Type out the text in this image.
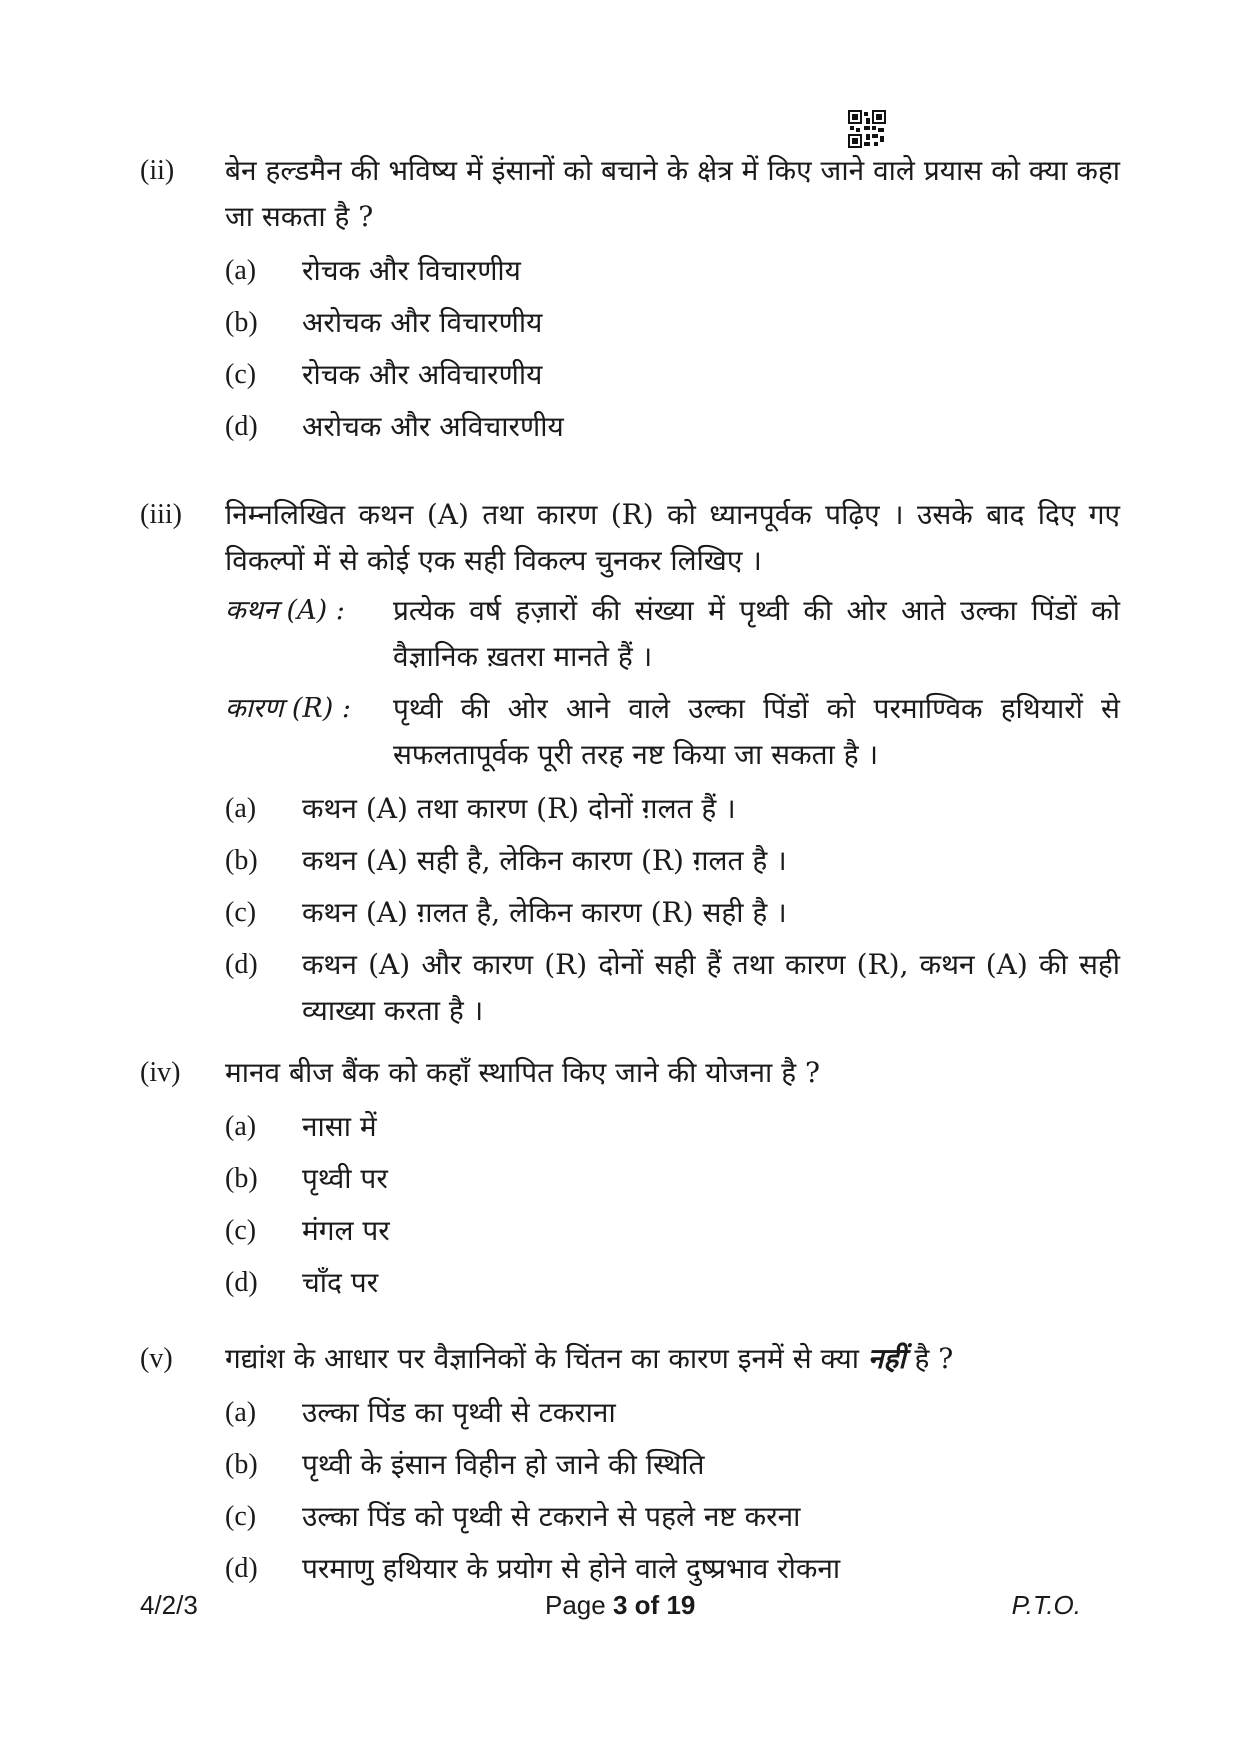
(ii) बेन हल्डमैन की भविष्य में इंसानों को बचाने के क्षेत्र में किए जाने वाले प्रयास को क्या कहा जा सकता है ?
(a) रोचक और विचारणीय
(b) अरोचक और विचारणीय
(c) रोचक और अविचारणीय
(d) अरोचक और अविचारणीय
(iii) निम्नलिखित कथन (A) तथा कारण (R) को ध्यानपूर्वक पढ़िए । उसके बाद दिए गए विकल्पों में से कोई एक सही विकल्प चुनकर लिखिए ।
कथन (A) : प्रत्येक वर्ष हज़ारों की संख्या में पृथ्वी की ओर आते उल्का पिंडों को वैज्ञानिक ख़तरा मानते हैं ।
कारण (R) : पृथ्वी की ओर आने वाले उल्का पिंडों को परमाण्विक हथियारों से सफलतापूर्वक पूरी तरह नष्ट किया जा सकता है ।
(a) कथन (A) तथा कारण (R) दोनों ग़लत हैं ।
(b) कथन (A) सही है, लेकिन कारण (R) ग़लत है ।
(c) कथन (A) ग़लत है, लेकिन कारण (R) सही है ।
(d) कथन (A) और कारण (R) दोनों सही हैं तथा कारण (R), कथन (A) की सही व्याख्या करता है ।
(iv) मानव बीज बैंक को कहाँ स्थापित किए जाने की योजना है ?
(a) नासा में
(b) पृथ्वी पर
(c) मंगल पर
(d) चाँद पर
(v) गद्यांश के आधार पर वैज्ञानिकों के चिंतन का कारण इनमें से क्या नहीं है ?
(a) उल्का पिंड का पृथ्वी से टकराना
(b) पृथ्वी के इंसान विहीन हो जाने की स्थिति
(c) उल्का पिंड को पृथ्वी से टकराने से पहले नष्ट करना
(d) परमाणु हथियार के प्रयोग से होने वाले दुष्प्रभाव रोकना
4/2/3	Page 3 of 19	P.T.O.
